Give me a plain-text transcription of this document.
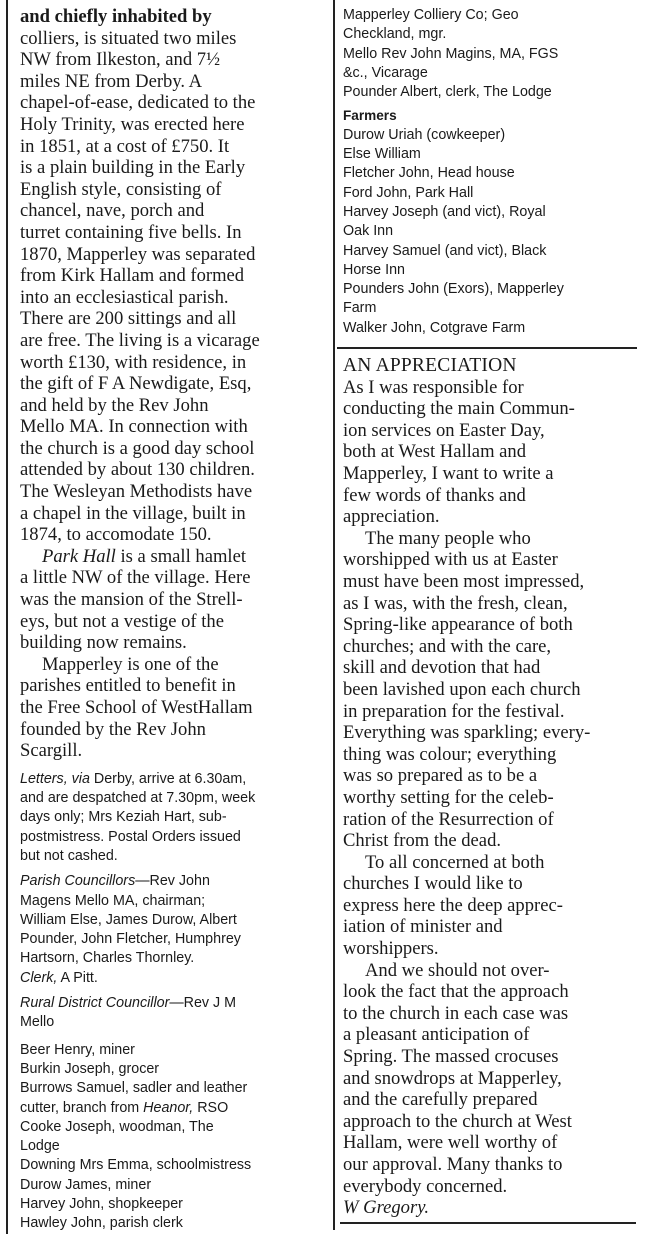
and chiefly inhabited by
colliers, is situated two miles
NW from Ilkeston, and 7½
miles NE from Derby. A
chapel-of-ease, dedicated to the
Holy Trinity, was erected here
in 1851, at a cost of £750. It
is a plain building in the Early
English style, consisting of
chancel, nave, porch and
turret containing five bells. In
1870, Mapperley was separated
from Kirk Hallam and formed
into an ecclesiastical parish.
There are 200 sittings and all
are free. The living is a vicarage
worth £130, with residence, in
the gift of F A Newdigate, Esq,
and held by the Rev John
Mello MA. In connection with
the church is a good day school
attended by about 130 children.
The Wesleyan Methodists have
a chapel in the village, built in
1874, to accomodate 150.
Park Hall is a small hamlet
a little NW of the village. Here
was the mansion of the Strell-
eys, but not a vestige of the
building now remains.
Mapperley is one of the
parishes entitled to benefit in
the Free School of WestHallam
founded by the Rev John
Scargill.
Letters, via Derby, arrive at 6.30am,
and are despatched at 7.30pm, week
days only; Mrs Keziah Hart, sub-
postmistress. Postal Orders issued
but not cashed.
Parish Councillors—Rev John
Magens Mello MA, chairman;
William Else, James Durow, Albert
Pounder, John Fletcher, Humphrey
Hartsorn, Charles Thornley.
Clerk, A Pitt.
Rural District Councillor—Rev J M
Mello
Beer Henry, miner
Burkin Joseph, grocer
Burrows Samuel, sadler and leather
cutter, branch from Heanor, RSO
Cooke Joseph, woodman, The
Lodge
Downing Mrs Emma, schoolmistress
Durow James, miner
Harvey John, shopkeeper
Hawley John, parish clerk
Mapperley Colliery Co; Geo
Checkland, mgr.
Mello Rev John Magins, MA, FGS
&c., Vicarage
Pounder Albert, clerk, The Lodge
Farmers
Durow Uriah (cowkeeper)
Else William
Fletcher John, Head house
Ford John, Park Hall
Harvey Joseph (and vict), Royal
Oak Inn
Harvey Samuel (and vict), Black
Horse Inn
Pounders John (Exors), Mapperley
Farm
Walker John, Cotgrave Farm
AN APPRECIATION
As I was responsible for
conducting the main Commun-
ion services on Easter Day,
both at West Hallam and
Mapperley, I want to write a
few words of thanks and
appreciation.
The many people who
worshipped with us at Easter
must have been most impressed,
as I was, with the fresh, clean,
Spring-like appearance of both
churches; and with the care,
skill and devotion that had
been lavished upon each church
in preparation for the festival.
Everything was sparkling; every-
thing was colour; everything
was so prepared as to be a
worthy setting for the celeb-
ration of the Resurrection of
Christ from the dead.
To all concerned at both
churches I would like to
express here the deep apprec-
iation of minister and
worshippers.
And we should not over-
look the fact that the approach
to the church in each case was
a pleasant anticipation of
Spring. The massed crocuses
and snowdrops at Mapperley,
and the carefully prepared
approach to the church at West
Hallam, were well worthy of
our approval. Many thanks to
everybody concerned.
W Gregory.
